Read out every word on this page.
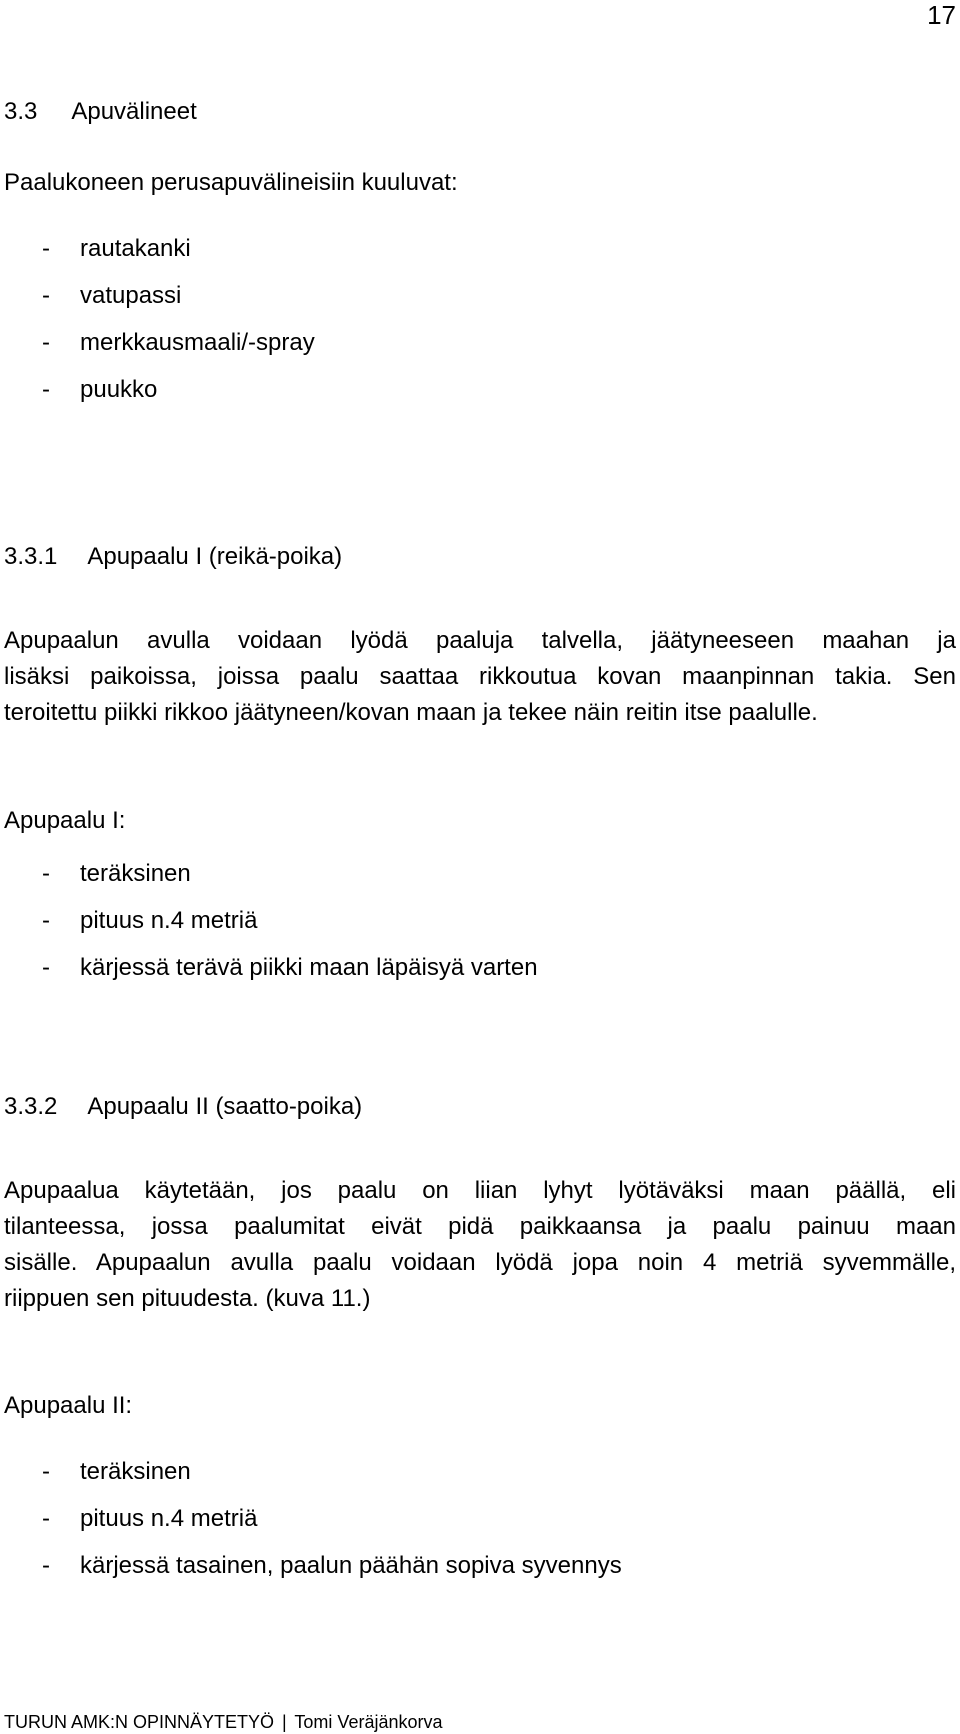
17
3.3 Apuvälineet

Paalukoneen perusapuvälineisiin kuuluvat:

- rautakanki
- vatupassi
- merkkausmaali/-spray
- puukko
3.3.1 Apupaalu I (reikä-poika)
Apupaalun avulla voidaan lyödä paaluja talvella, jäätyneeseen maahan ja
lisäksi paikoissa, joissa paalu saattaa rikkoutua kovan maanpinnan takia. Sen
teroitettu piikki rikkoo jäätyneen/kovan maan ja tekee näin reitin itse paalulle.

Apupaalu I:

- teräksinen
- pituus n.4 metriä
- kärjessä terävä piikki maan läpäisyä varten
3.3.2 Apupaalu II (saatto-poika)
Apupaalua käytetään, jos paalu on liian lyhyt lyötäväksi maan päällä, eli
tilanteessa, jossa paalumitat eivät pidä paikkaansa ja paalu painuu maan
sisälle. Apupaalun avulla paalu voidaan lyödä jopa noin 4 metriä syvemmälle,
riippuen sen pituudesta. (kuva 11.)

Apupaalu II:

- teräksinen
- pituus n.4 metriä
- kärjessä tasainen, paalun päähän sopiva syvennys
TURUN AMK:N OPINNÄYTETYÖ | Tomi Veräjänkorva
